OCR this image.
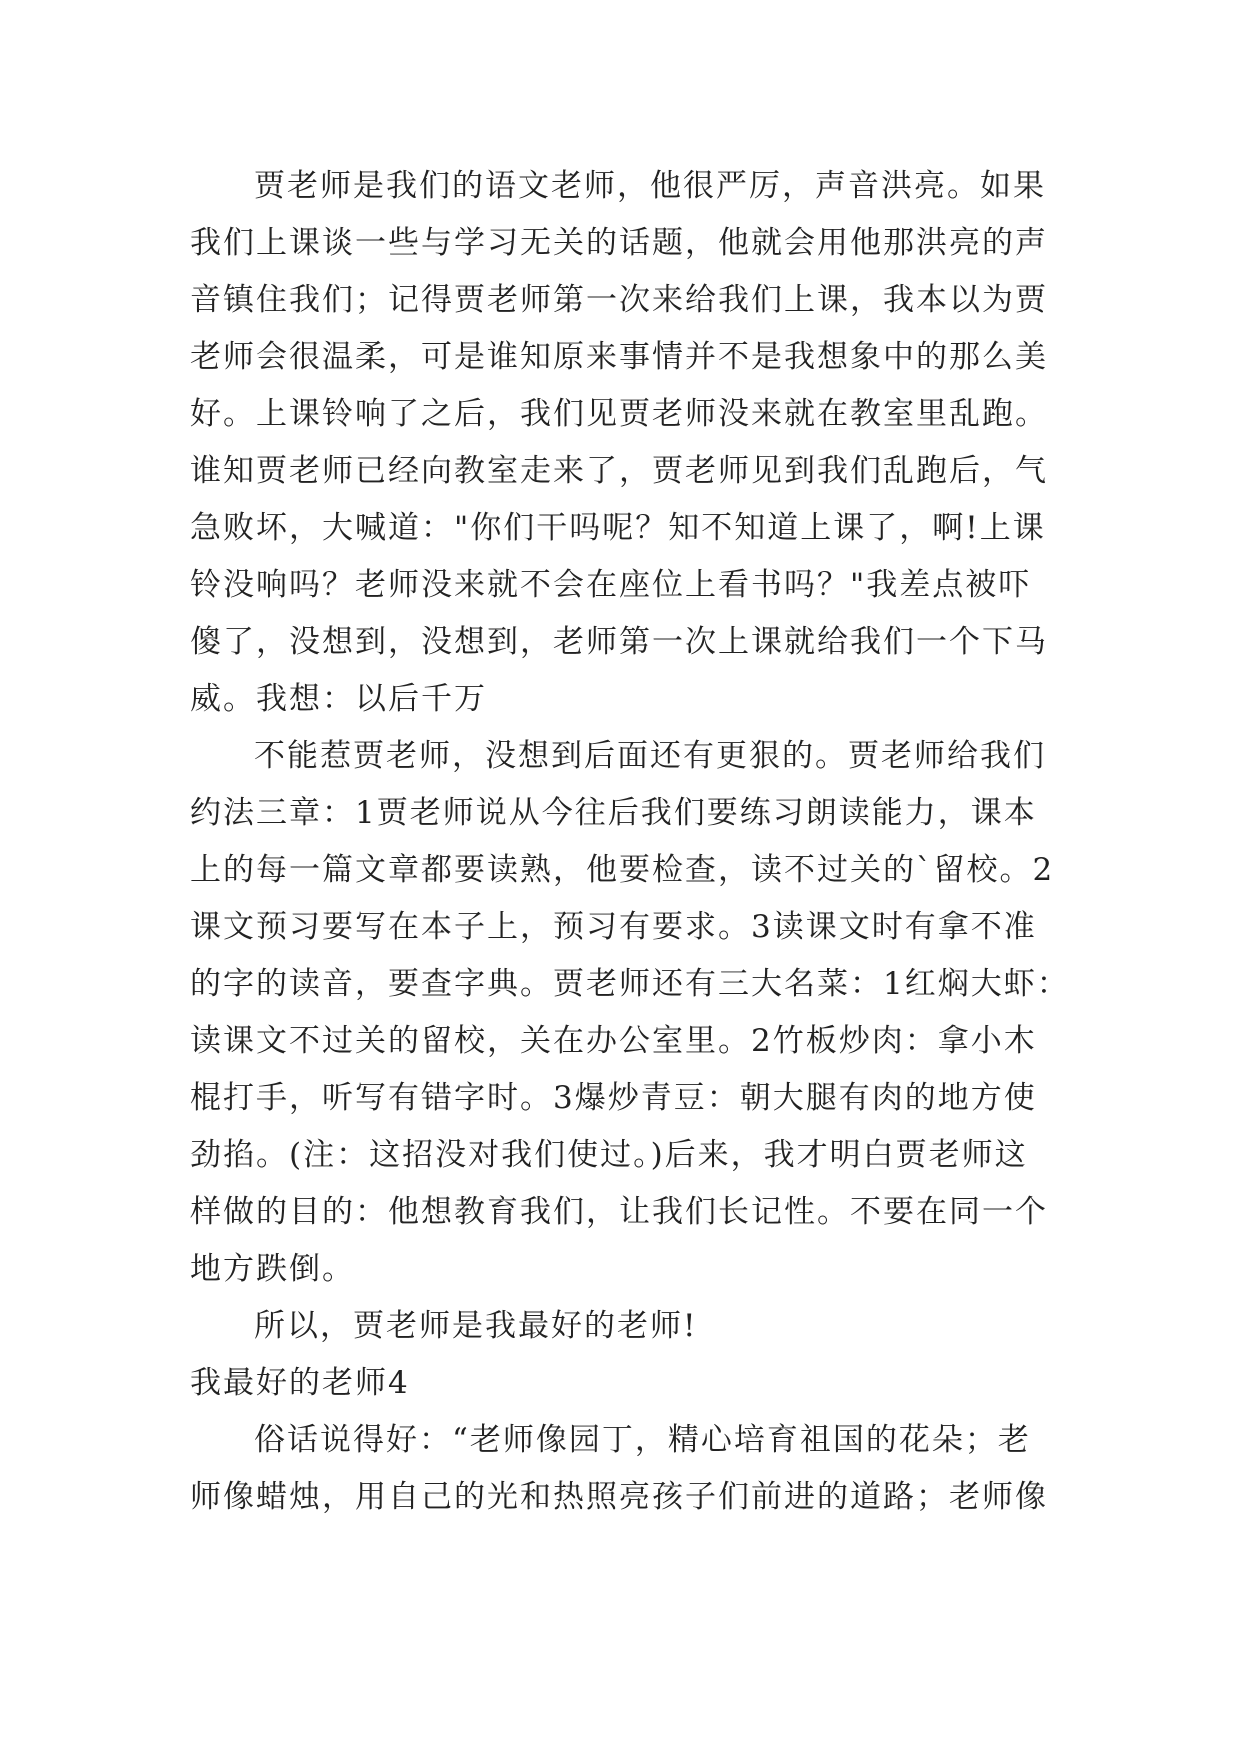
贾老师是我们的语文老师，他很严厉，声音洪亮。如果
我们上课谈一些与学习无关的话题，他就会用他那洪亮的声
音镇住我们；记得贾老师第一次来给我们上课，我本以为贾
老师会很温柔，可是谁知原来事情并不是我想象中的那么美
好。上课铃响了之后，我们见贾老师没来就在教室里乱跑。
谁知贾老师已经向教室走来了，贾老师见到我们乱跑后，气
急败坏，大喊道："你们干吗呢？知不知道上课了，啊!上课
铃没响吗？老师没来就不会在座位上看书吗？"我差点被吓
傻了，没想到，没想到，老师第一次上课就给我们一个下马
威。我想：以后千万
不能惹贾老师，没想到后面还有更狠的。贾老师给我们
约法三章：1贾老师说从今往后我们要练习朗读能力，课本
上的每一篇文章都要读熟，他要检查，读不过关的`留校。2
课文预习要写在本子上，预习有要求。3读课文时有拿不准
的字的读音，要查字典。贾老师还有三大名菜：1红焖大虾：
读课文不过关的留校，关在办公室里。2竹板炒肉：拿小木
棍打手，听写有错字时。3爆炒青豆：朝大腿有肉的地方使
劲掐。(注：这招没对我们使过。)后来，我才明白贾老师这
样做的目的：他想教育我们，让我们长记性。不要在同一个
地方跌倒。
所以，贾老师是我最好的老师!
我最好的老师4
俗话说得好：“老师像园丁，精心培育祖国的花朵；老
师像蜡烛，用自己的光和热照亮孩子们前进的道路；老师像
